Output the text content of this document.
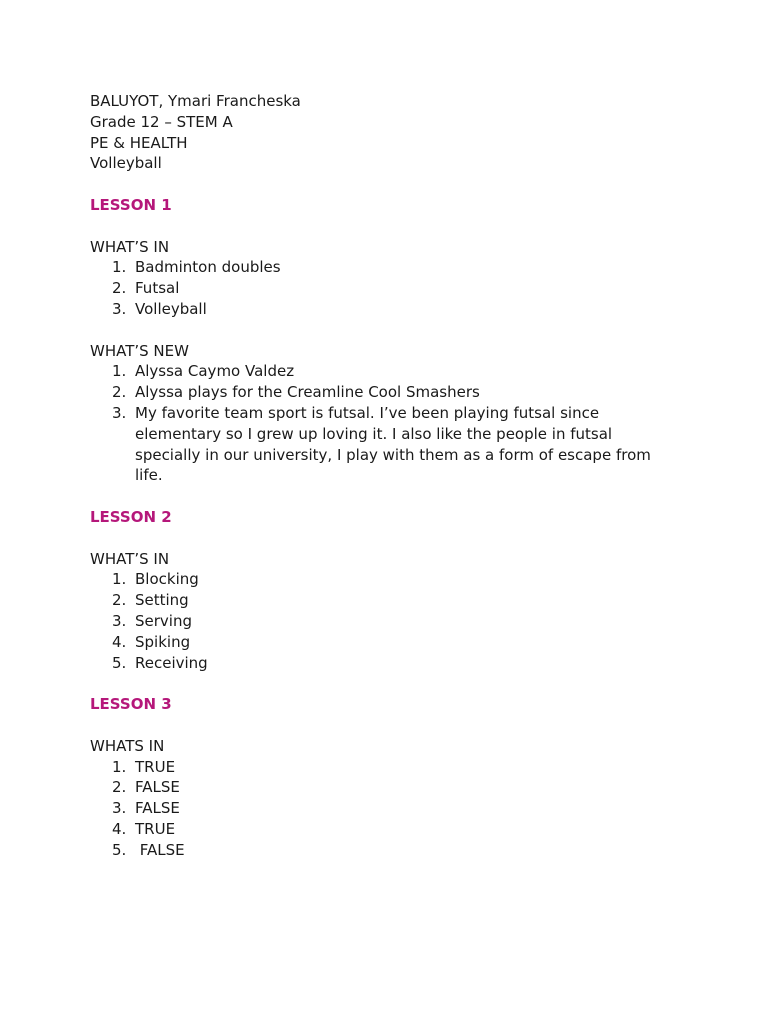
BALUYOT, Ymari Francheska

Grade 12 – STEM A

PE & HEALTH

Volleyball

LESSON 1

WHAT’S IN

1. Badminton doubles
2. Futsal
3. Volleyball

WHAT’S NEW

1. Alyssa Caymo Valdez
2. Alyssa plays for the Creamline Cool Smashers
3. My favorite team sport is futsal. I’ve been playing futsal since elementary so I grew up loving it. I also like the people in futsal specially in our university, I play with them as a form of escape from life.

LESSON 2

WHAT’S IN

1. Blocking
2. Setting
3. Serving
4. Spiking
5. Receiving

LESSON 3

WHATS IN

1. TRUE
2. FALSE
3. FALSE
4. TRUE
5. FALSE
